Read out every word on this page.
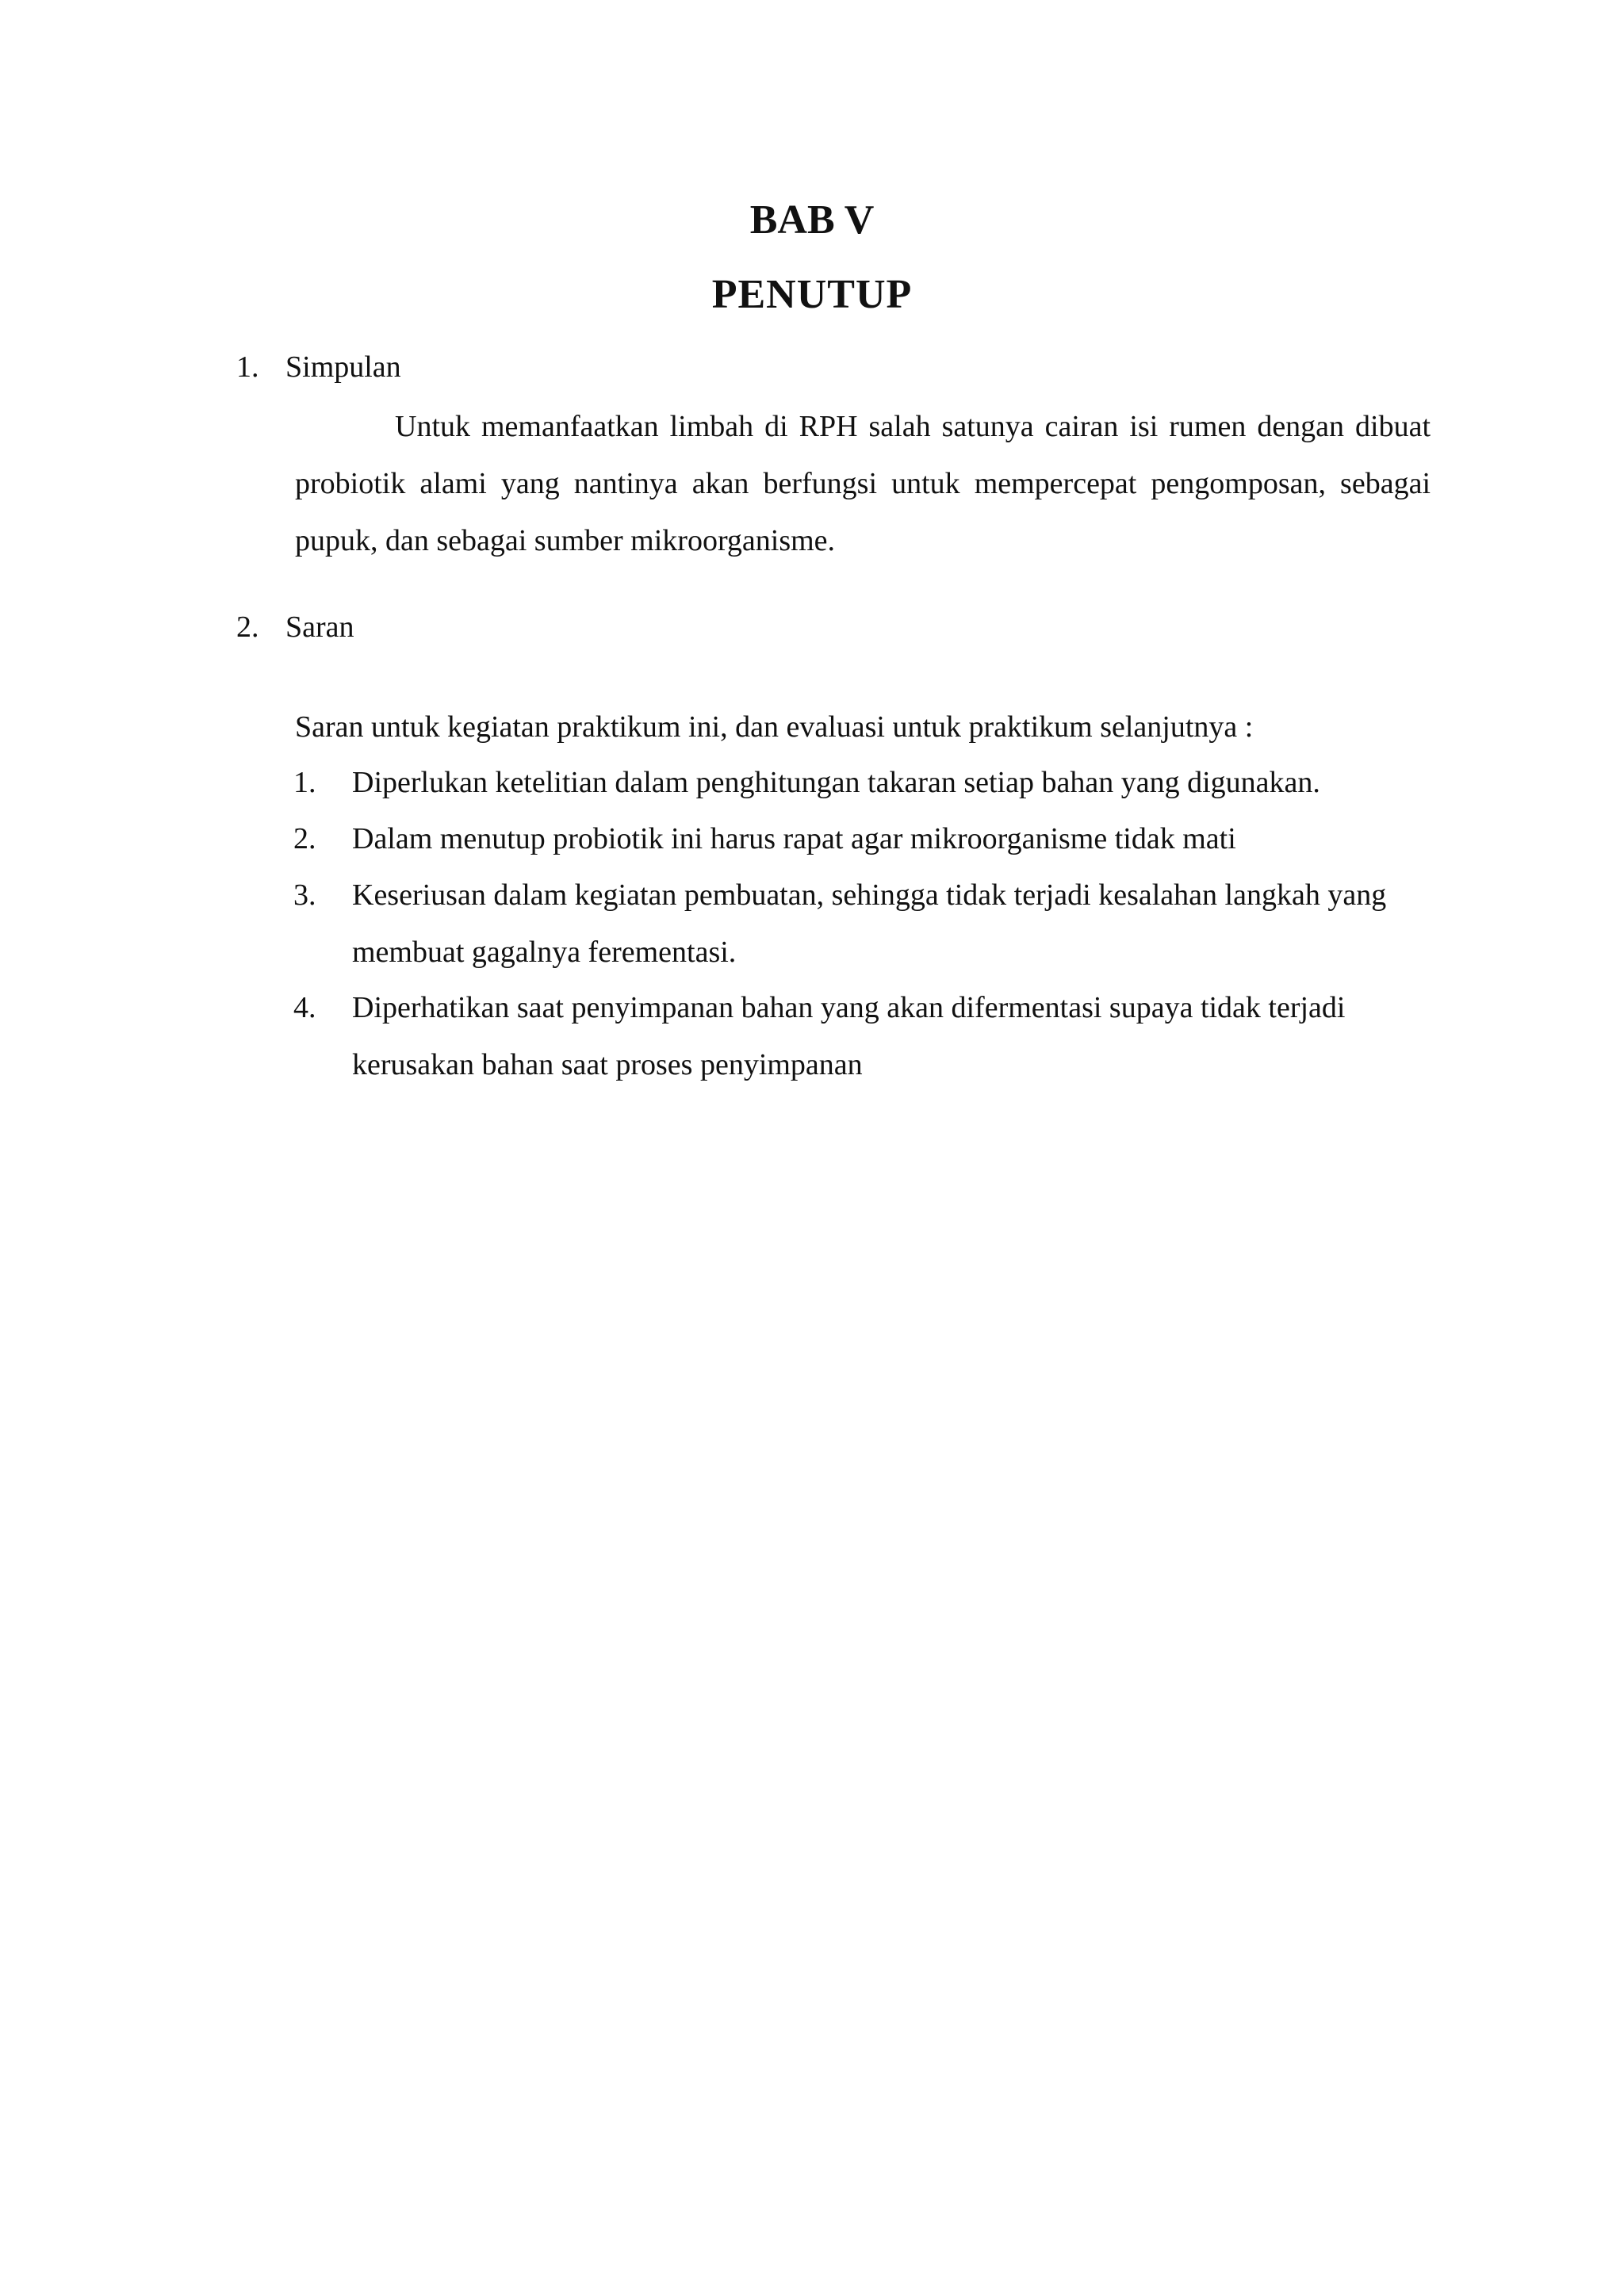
BAB V
PENUTUP
1. Simpulan

Untuk memanfaatkan limbah di RPH salah satunya cairan isi rumen dengan dibuat probiotik alami yang nantinya akan berfungsi untuk mempercepat pengomposan, sebagai pupuk, dan sebagai sumber mikroorganisme.

2. Saran

Saran untuk kegiatan praktikum ini, dan evaluasi untuk praktikum selanjutnya :

1. Diperlukan ketelitian dalam penghitungan takaran setiap bahan yang digunakan.

2. Dalam menutup probiotik ini harus rapat agar mikroorganisme tidak mati

3. Keseriusan dalam kegiatan pembuatan, sehingga tidak terjadi kesalahan langkah yang membuat gagalnya ferementasi.

4. Diperhatikan saat penyimpanan bahan yang akan difermentasi supaya tidak terjadi kerusakan bahan saat proses penyimpanan
